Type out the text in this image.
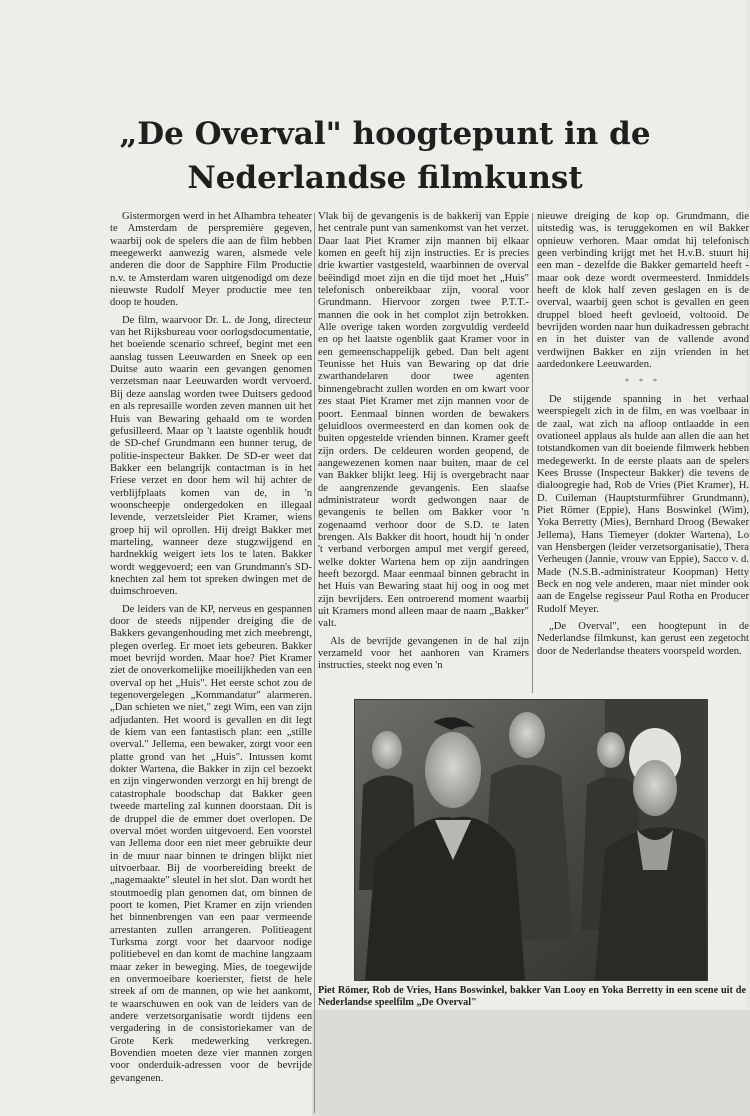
„De Overval" hoogtepunt in de
Nederlandse filmkunst

Gistermorgen werd in het Alhambra teheater te Amsterdam de perspremière gegeven, waarbij ook de spelers die aan de film hebben meegewerkt aanwezig waren, alsmede vele anderen die door de Sapphire Film Productie n.v. te Amsterdam waren uitgenodigd om deze nieuwste Rudolf Meyer productie mee ten doop te houden.

De film, waarvoor Dr. L. de Jong, directeur van het Rijksbureau voor oorlogsdocumentatie, het boeiende scenario schreef, begint met een aanslag tussen Leeuwarden en Sneek op een Duitse auto waarin een gevangen genomen verzetsman naar Leeuwarden wordt vervoerd. Bij deze aanslag worden twee Duitsers gedood en als represaille worden zeven mannen uit het Huis van Bewaring gehaald om te worden gefusilleerd. Maar op 't laatste ogenblik houdt de SD-chef Grundmann een hunner terug, de politie-inspecteur Bakker. De SD-er weet dat Bakker een belangrijk contactman is in het Friese verzet en door hem wil hij achter de verblijfplaats komen van de, in 'n woonscheepje ondergedoken en illegaal levende, verzetsleider Piet Kramer, wiens groep hij wil oprollen. Hij dreigt Bakker met marteling, wanneer deze stugzwijgend en hardnekkig weigert iets los te laten. Bakker wordt weggevoerd; een van Grundmann's SD-knechten zal hem tot spreken dwingen met de duimschroeven.

De leiders van de KP, nerveus en gespannen door de steeds nijpender dreiging die de Bakkers gevangenhouding met zich meebrengt, plegen overleg. Er moet iets gebeuren. Bakker moet bevrijd worden. Maar hoe? Piet Kramer ziet de onoverkomelijke moeilijkheden van een overval op het „Huis". Het eerste schot zou de tegenovergelegen „Kommandatur" alarmeren. „Dan schieten we niet," zegt Wim, een van zijn adjudanten. Het woord is gevallen en dit legt de kiem van een fantastisch plan: een „stille overval." Jellema, een bewaker, zorgt voor een platte grond van het „Huis". Intussen komt dokter Wartena, die Bakker in zijn cel bezoekt en zijn vingerwonden verzorgt en hij brengt de catastrophale boodschap dat Bakker geen tweede marteling zal kunnen doorstaan. Dit is de druppel die de emmer doet overlopen. De overval móet worden uitgevoerd. Een voorstel van Jellema door een niet meer gebruikte deur in de muur naar binnen te dringen blijkt niet uitvoerbaar. Bij de voorbereiding breekt de „nagemaakte" sleutel in het slot. Dan wordt het stoutmoedig plan genomen dat, om binnen de poort te komen, Piet Kramer en zijn vrienden het binnenbrengen van een paar vermeende arrestanten zullen arrangeren. Politieagent Turksma zorgt voor het daarvoor nodige politiebevel en dan komt de machine langzaam maar zeker in beweging. Mies, de toegewijde en onvermoeibare koerierster, fietst de hele streek af om de mannen, op wie het aankomt, te waarschuwen en ook van de leiders van de andere verzetsorganisatie wordt tijdens een vergadering in de consistoriekamer van de Grote Kerk medewerking verkregen. Bovendien moeten deze vier mannen zorgen voor onderduik-adressen voor de bevrijde gevangenen.

Vlak bij de gevangenis is de bakkerij van Eppie het centrale punt van samenkomst van het verzet. Daar laat Piet Kramer zijn mannen bij elkaar komen en geeft hij zijn instructies. Er is precies drie kwartier vastgesteld, waarbinnen de overval beëindigd moet zijn en die tijd moet het „Huis" telefonisch onbereikbaar zijn, vooral voor Grundmann. Hiervoor zorgen twee P.T.T.-mannen die ook in het complot zijn betrokken. Alle overige taken worden zorgvuldig verdeeld en op het laatste ogenblik gaat Kramer voor in een gemeenschappelijk gebed. Dan belt agent Teunisse het Huis van Bewaring op dat drie zwarthandelaren door twee agenten binnengebracht zullen worden en om kwart voor zes staat Piet Kramer met zijn mannen voor de poort. Eenmaal binnen worden de bewakers geluidloos overmeesterd en dan komen ook de buiten opgestelde vrienden binnen. Kramer geeft zijn orders. De celdeuren worden geopend, de aangewezenen komen naar buiten, maar de cel van Bakker blijkt leeg. Hij is overgebracht naar de aangrenzende gevangenis. Een slaafse administrateur wordt gedwongen naar de gevangenis te bellen om Bakker voor 'n zogenaamd verhoor door de S.D. te laten brengen. Als Bakker dit hoort, houdt hij 'n onder 't verband verborgen ampul met vergif gereed, welke dokter Wartena hem op zijn aandringen heeft bezorgd. Maar eenmaal binnen gebracht in het Huis van Bewaring staat hij oog in oog met zijn bevrijders. Een ontroerend moment waarbij uit Kramers mond alleen maar de naam „Bakker" valt.

Als de bevrijde gevangenen in de hal zijn verzameld voor het aanhoren van Kramers instructies, steekt nog even 'n

nieuwe dreiging de kop op. Grundmann, die uitstedig was, is teruggekomen en wil Bakker opnieuw verhoren. Maar omdat hij telefonisch geen verbinding krijgt met het H.v.B. stuurt hij een man - dezelfde die Bakker gemarteld heeft - maar ook deze wordt overmeesterd. Inmiddels heeft de klok half zeven geslagen en is de overval, waarbij geen schot is gevallen en geen druppel bloed heeft gevloeid, voltooid. De bevrijden worden naar hun duikadressen gebracht en in het duister van de vallende avond verdwijnen Bakker en zijn vrienden in het aardedonkere Leeuwarden.

* * *

De stijgende spanning in het verhaal weerspiegelt zich in de film, en was voelbaar in de zaal, wat zich na afloop ontlaadde in een ovationeel applaus als hulde aan allen die aan het totstandkomen van dit boeiende filmwerk hebben medegewerkt. In de eerste plaats aan de spelers Kees Brusse (Inspecteur Bakker) die tevens de dialoogregie had, Rob de Vries (Piet Kramer), H. D. Cuileman (Hauptsturmführer Grundmann), Piet Römer (Eppie), Hans Boswinkel (Wim), Yoka Berretty (Mies), Bernhard Droog (Bewaker Jellema), Hans Tiemeyer (dokter Wartena), Lo van Hensbergen (leider verzetsorganisatie), Thera Verheugen (Jannie, vrouw van Eppie), Sacco v. d. Made (N.S.B.-administrateur Koopman) Hetty Beck en nog vele anderen, maar niet minder ook aan de Engelse regisseur Paul Rotha en Producer Rudolf Meyer.

„De Overval", een hoogtepunt in de Nederlandse filmkunst, kan gerust een zegetocht door de Nederlandse theaters voorspeld worden.

Piet Römer, Rob de Vries, Hans Boswinkel, bakker Van Looy en Yoka Berretty in een scene uit de Nederlandse speelfilm „De Overval"
